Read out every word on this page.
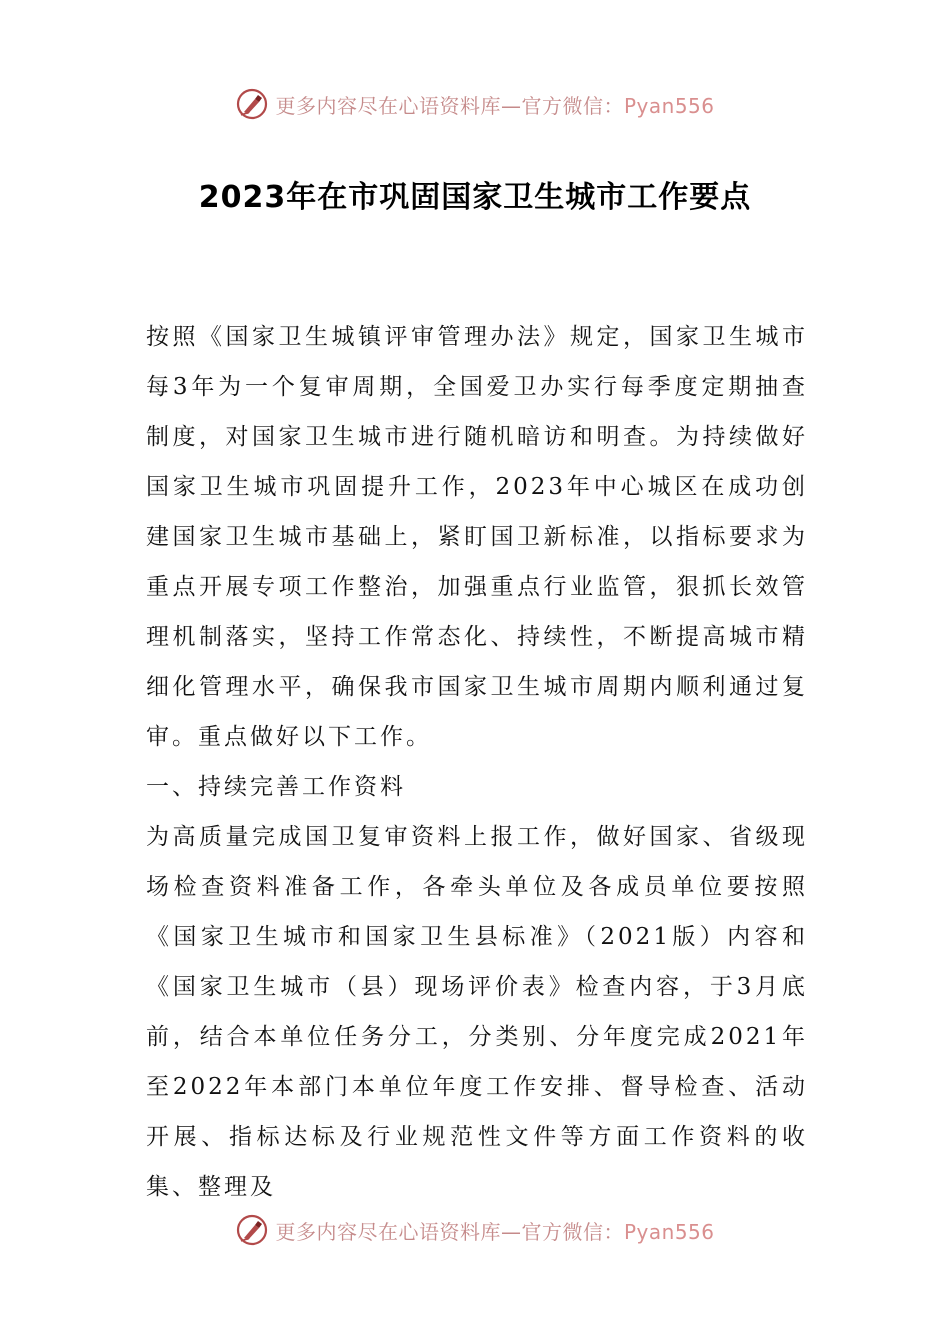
更多内容尽在心语资料库—官方微信：Pyan556
2023年在市巩固国家卫生城市工作要点

按照《国家卫生城镇评审管理办法》规定，国家卫生城市每3年为一个复审周期，全国爱卫办实行每季度定期抽查制度，对国家卫生城市进行随机暗访和明查。为持续做好国家卫生城市巩固提升工作，2023年中心城区在成功创建国家卫生城市基础上，紧盯国卫新标准，以指标要求为重点开展专项工作整治，加强重点行业监管，狠抓长效管理机制落实，坚持工作常态化、持续性，不断提高城市精细化管理水平，确保我市国家卫生城市周期内顺利通过复审。重点做好以下工作。

一、持续完善工作资料

为高质量完成国卫复审资料上报工作，做好国家、省级现场检查资料准备工作，各牵头单位及各成员单位要按照《国家卫生城市和国家卫生县标准》（2021版）内容和《国家卫生城市（县）现场评价表》检查内容，于3月底前，结合本单位任务分工，分类别、分年度完成2021年至2022年本部门本单位年度工作安排、督导检查、活动开展、指标达标及行业规范性文件等方面工作资料的收集、整理及

更多内容尽在心语资料库—官方微信：Pyan556
